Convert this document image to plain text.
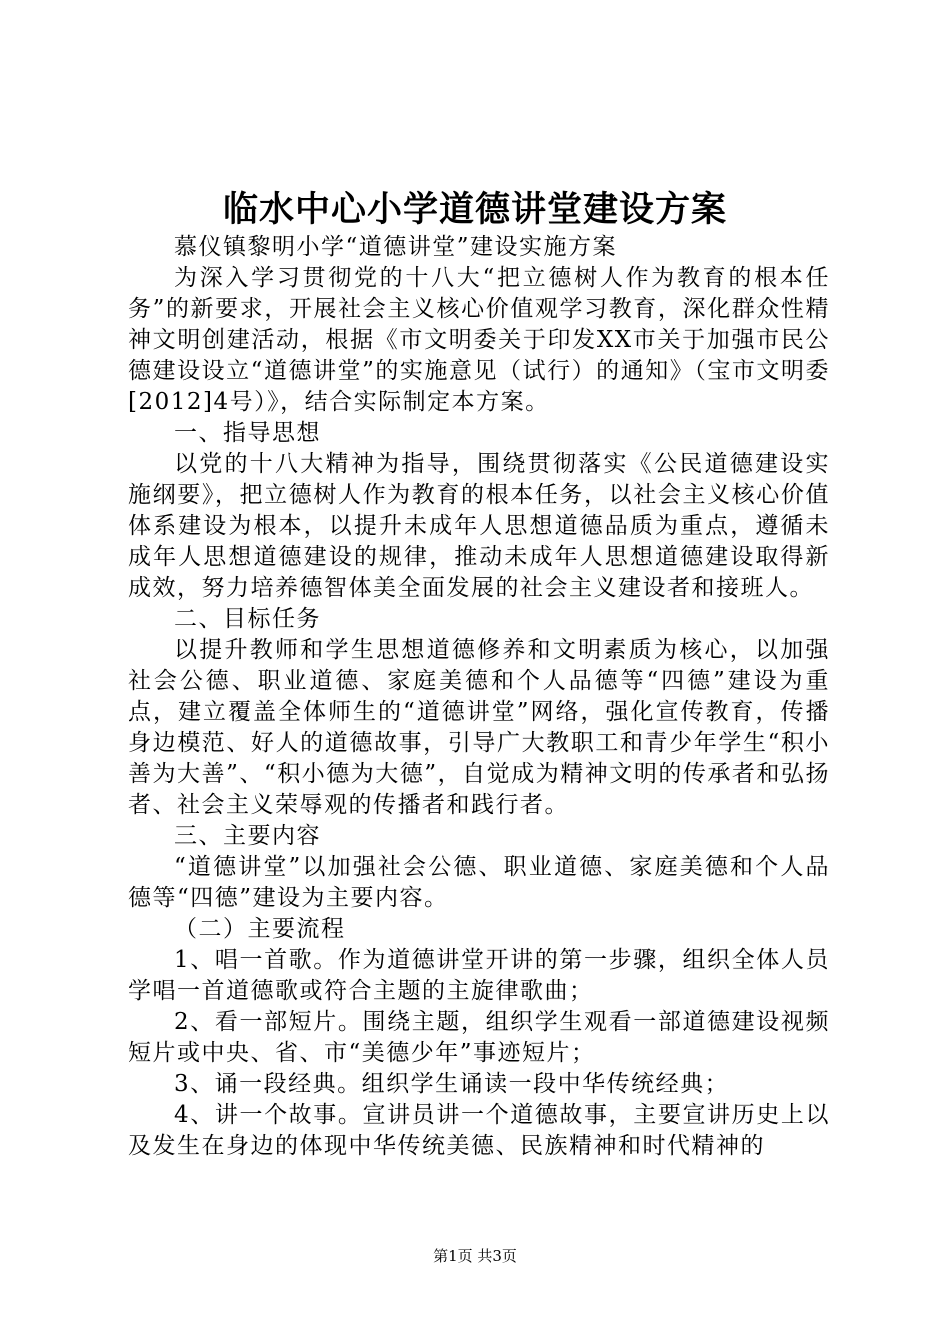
临水中心小学道德讲堂建设方案

慕仪镇黎明小学“道德讲堂”建设实施方案

为深入学习贯彻党的十八大“把立德树人作为教育的根本任务”的新要求，开展社会主义核心价值观学习教育，深化群众性精神文明创建活动，根据《市文明委关于印发XX市关于加强市民公德建设设立“道德讲堂”的实施意见（试行）的通知》（宝市文明委[2012]4号）》，结合实际制定本方案。

一、指导思想

以党的十八大精神为指导，围绕贯彻落实《公民道德建设实施纲要》，把立德树人作为教育的根本任务，以社会主义核心价值体系建设为根本，以提升未成年人思想道德品质为重点，遵循未成年人思想道德建设的规律，推动未成年人思想道德建设取得新成效，努力培养德智体美全面发展的社会主义建设者和接班人。

二、目标任务

以提升教师和学生思想道德修养和文明素质为核心，以加强社会公德、职业道德、家庭美德和个人品德等“四德”建设为重点，建立覆盖全体师生的“道德讲堂”网络，强化宣传教育，传播身边模范、好人的道德故事，引导广大教职工和青少年学生“积小善为大善”、“积小德为大德”，自觉成为精神文明的传承者和弘扬者、社会主义荣辱观的传播者和践行者。

三、主要内容

“道德讲堂”以加强社会公德、职业道德、家庭美德和个人品德等“四德”建设为主要内容。

（二）主要流程

1、唱一首歌。作为道德讲堂开讲的第一步骤，组织全体人员学唱一首道德歌或符合主题的主旋律歌曲；

2、看一部短片。围绕主题，组织学生观看一部道德建设视频短片或中央、省、市“美德少年”事迹短片；

3、诵一段经典。组织学生诵读一段中华传统经典；

4、讲一个故事。宣讲员讲一个道德故事，主要宣讲历史上以及发生在身边的体现中华传统美德、民族精神和时代精神的

第1页 共3页
